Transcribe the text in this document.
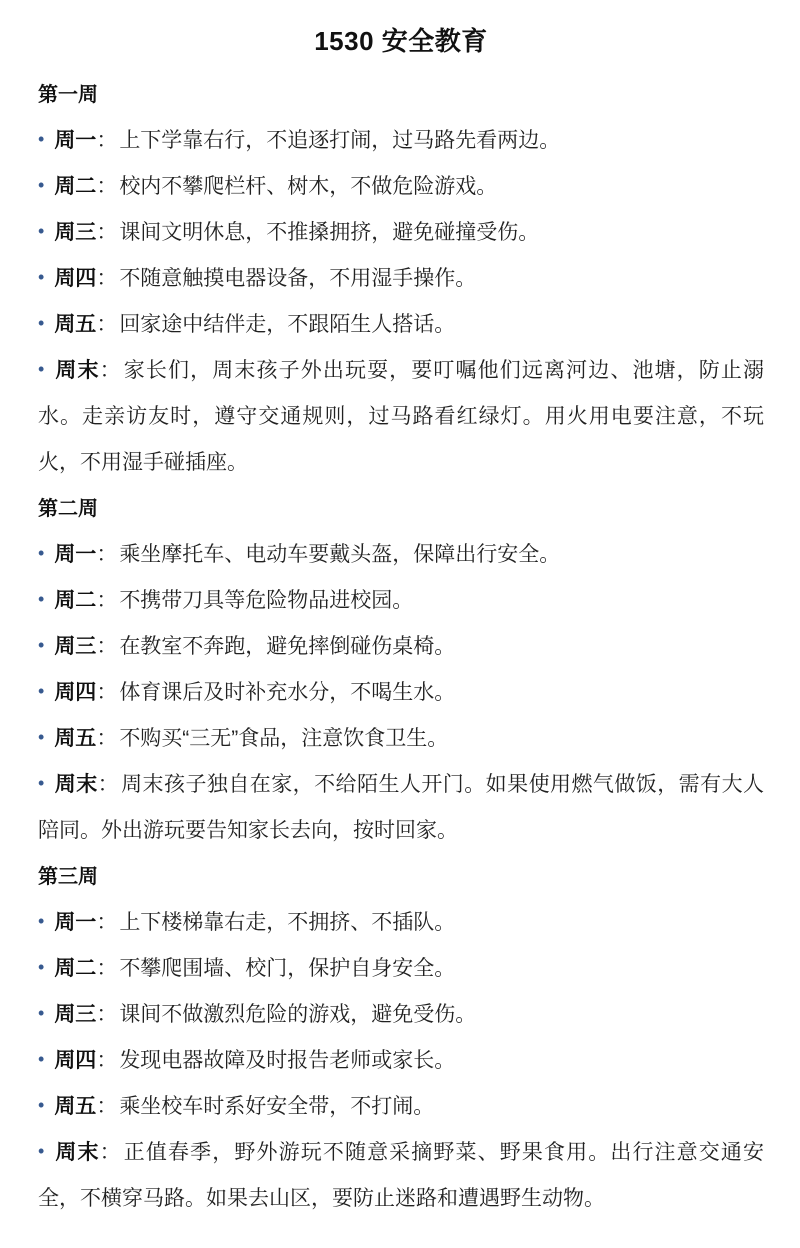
1530 安全教育
第一周

• 周一：上下学靠右行，不追逐打闹，过马路先看两边。

• 周二：校内不攀爬栏杆、树木，不做危险游戏。

• 周三：课间文明休息，不推搡拥挤，避免碰撞受伤。

• 周四：不随意触摸电器设备，不用湿手操作。

• 周五：回家途中结伴走，不跟陌生人搭话。

• 周末：家长们，周末孩子外出玩耍，要叮嘱他们远离河边、池塘，防止溺水。走亲访友时，遵守交通规则，过马路看红绿灯。用火用电要注意，不玩火，不用湿手碰插座。

第二周

• 周一：乘坐摩托车、电动车要戴头盔，保障出行安全。

• 周二：不携带刀具等危险物品进校园。

• 周三：在教室不奔跑，避免摔倒碰伤桌椅。

• 周四：体育课后及时补充水分，不喝生水。

• 周五：不购买“三无”食品，注意饮食卫生。

• 周末：周末孩子独自在家，不给陌生人开门。如果使用燃气做饭，需有大人陪同。外出游玩要告知家长去向，按时回家。

第三周

• 周一：上下楼梯靠右走，不拥挤、不插队。

• 周二：不攀爬围墙、校门，保护自身安全。

• 周三：课间不做激烈危险的游戏，避免受伤。

• 周四：发现电器故障及时报告老师或家长。

• 周五：乘坐校车时系好安全带，不打闹。

• 周末：正值春季，野外游玩不随意采摘野菜、野果食用。出行注意交通安全，不横穿马路。如果去山区，要防止迷路和遭遇野生动物。
